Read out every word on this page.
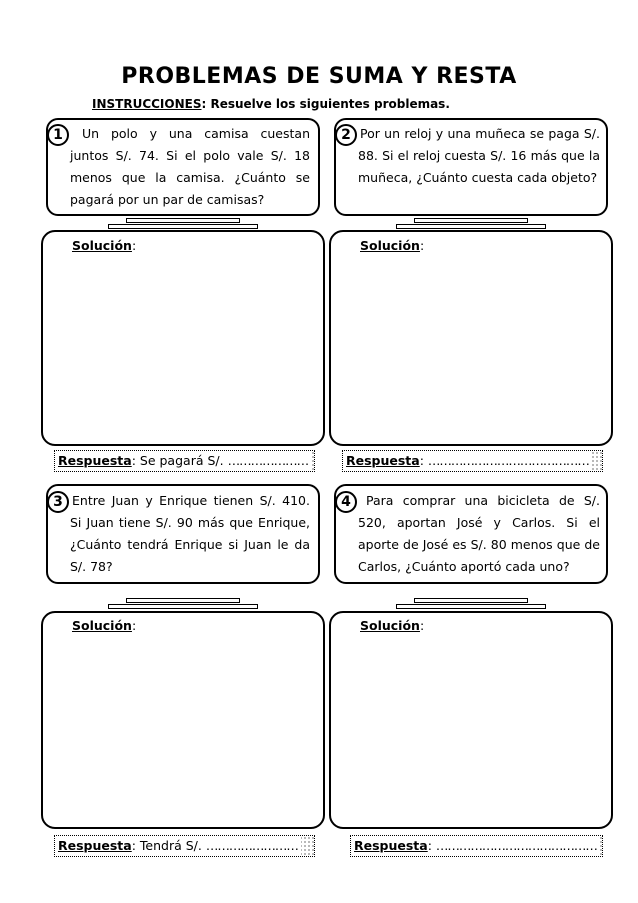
PROBLEMAS DE SUMA Y RESTA
INSTRUCCIONES: Resuelve los siguientes problemas.
1	Un polo y una camisa cuestan juntos S/. 74. Si el polo vale S/. 18 menos que la camisa. ¿Cuánto se pagará por un par de camisas?
Solución:
Respuesta: Se pagará S/. …………………
2 Por un reloj y una muñeca se paga S/. 88. Si el reloj cuesta S/. 16 más que la muñeca, ¿Cuánto cuesta cada objeto?
Solución:
Respuesta: ……………………………………
3 Entre Juan y Enrique tienen S/. 410. Si Juan tiene S/. 90 más que Enrique, ¿Cuánto tendrá Enrique si Juan le da S/. 78?
Solución:
Respuesta: Tendrá S/. ……………………
4	Para comprar una bicicleta de S/. 520, aportan José y Carlos. Si el aporte de José es S/. 80 menos que de Carlos, ¿Cuánto aportó cada uno?
Solución:
Respuesta: ……………………………………
